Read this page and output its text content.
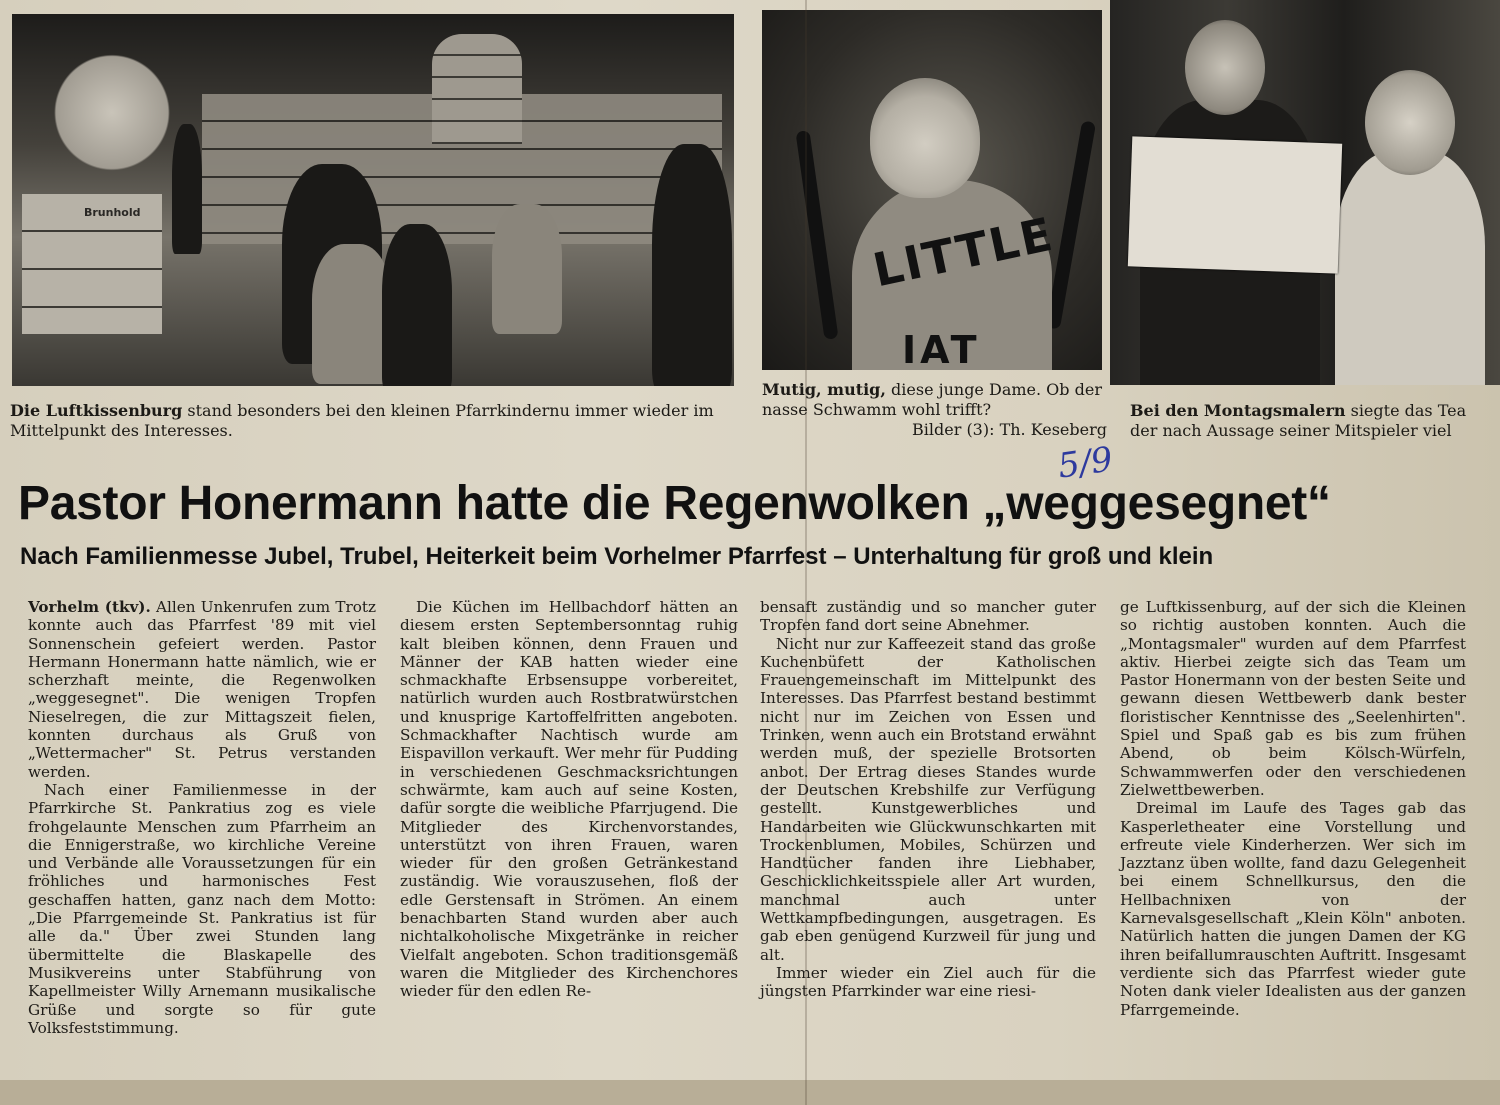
Brunhold	LITTLE
IAT
Die Luftkissenburg stand besonders bei den kleinen Pfarrkindernu immer wieder im Mittelpunkt des Interesses.
Mutig, mutig, diese junge Dame. Ob der nasse Schwamm wohl trifft?
Bilder (3): Th. Keseberg
Bei den Montagsmalern siegte das Tea
der nach Aussage seiner Mitspieler viel
5/9
Pastor Honermann hatte die Regenwolken „weggesegnet“
Nach Familienmesse Jubel, Trubel, Heiterkeit beim Vorhelmer Pfarrfest – Unterhaltung für groß und klein

Vorhelm (tkv). Allen Unkenrufen zum Trotz konnte auch das Pfarrfest '89 mit viel Sonnenschein gefeiert werden. Pastor Hermann Honermann hatte nämlich, wie er scherzhaft meinte, die Regenwolken „weggesegnet". Die wenigen Tropfen Nieselregen, die zur Mittagszeit fielen, konnten durchaus als Gruß von „Wettermacher" St. Petrus verstanden werden.

Nach einer Familienmesse in der Pfarrkirche St. Pankratius zog es viele frohgelaunte Menschen zum Pfarrheim an die Ennigerstraße, wo kirchliche Vereine und Verbände alle Voraussetzungen für ein fröhliches und harmonisches Fest geschaffen hatten, ganz nach dem Motto: „Die Pfarrgemeinde St. Pankratius ist für alle da." Über zwei Stunden lang übermittelte die Blaskapelle des Musikvereins unter Stabführung von Kapellmeister Willy Arnemann musikalische Grüße und sorgte so für gute Volksfeststimmung.

Die Küchen im Hellbachdorf hätten an diesem ersten Septembersonntag ruhig kalt bleiben können, denn Frauen und Männer der KAB hatten wieder eine schmackhafte Erbsensuppe vorbereitet, natürlich wurden auch Rostbratwürstchen und knusprige Kartoffelfritten angeboten. Schmackhafter Nachtisch wurde am Eispavillon verkauft. Wer mehr für Pudding in verschiedenen Geschmacksrichtungen schwärmte, kam auch auf seine Kosten, dafür sorgte die weibliche Pfarrjugend. Die Mitglieder des Kirchenvorstandes, unterstützt von ihren Frauen, waren wieder für den großen Getränkestand zuständig. Wie vorauszusehen, floß der edle Gerstensaft in Strömen. An einem benachbarten Stand wurden aber auch nichtalkoholische Mixgetränke in reicher Vielfalt angeboten. Schon traditionsgemäß waren die Mitglieder des Kirchenchores wieder für den edlen Re-

bensaft zuständig und so mancher guter Tropfen fand dort seine Abnehmer.

Nicht nur zur Kaffeezeit stand das große Kuchenbüfett der Katholischen Frauengemeinschaft im Mittelpunkt des Interesses. Das Pfarrfest bestand bestimmt nicht nur im Zeichen von Essen und Trinken, wenn auch ein Brotstand erwähnt werden muß, der spezielle Brotsorten anbot. Der Ertrag dieses Standes wurde der Deutschen Krebshilfe zur Verfügung gestellt. Kunstgewerbliches und Handarbeiten wie Glückwunschkarten mit Trockenblumen, Mobiles, Schürzen und Handtücher fanden ihre Liebhaber, Geschicklichkeitsspiele aller Art wurden, manchmal auch unter Wettkampfbedingungen, ausgetragen. Es gab eben genügend Kurzweil für jung und alt.

Immer wieder ein Ziel auch für die jüngsten Pfarrkinder war eine riesi-

ge Luftkissenburg, auf der sich die Kleinen so richtig austoben konnten. Auch die „Montagsmaler" wurden auf dem Pfarrfest aktiv. Hierbei zeigte sich das Team um Pastor Honermann von der besten Seite und gewann diesen Wettbewerb dank bester floristischer Kenntnisse des „Seelenhirten". Spiel und Spaß gab es bis zum frühen Abend, ob beim Kölsch-Würfeln, Schwammwerfen oder den verschiedenen Zielwettbewerben.

Dreimal im Laufe des Tages gab das Kasperletheater eine Vorstellung und erfreute viele Kinderherzen. Wer sich im Jazztanz üben wollte, fand dazu Gelegenheit bei einem Schnellkursus, den die Hellbachnixen von der Karnevalsgesellschaft „Klein Köln" anboten. Natürlich hatten die jungen Damen der KG ihren beifallumrauschten Auftritt. Insgesamt verdiente sich das Pfarrfest wieder gute Noten dank vieler Idealisten aus der ganzen Pfarrgemeinde.
